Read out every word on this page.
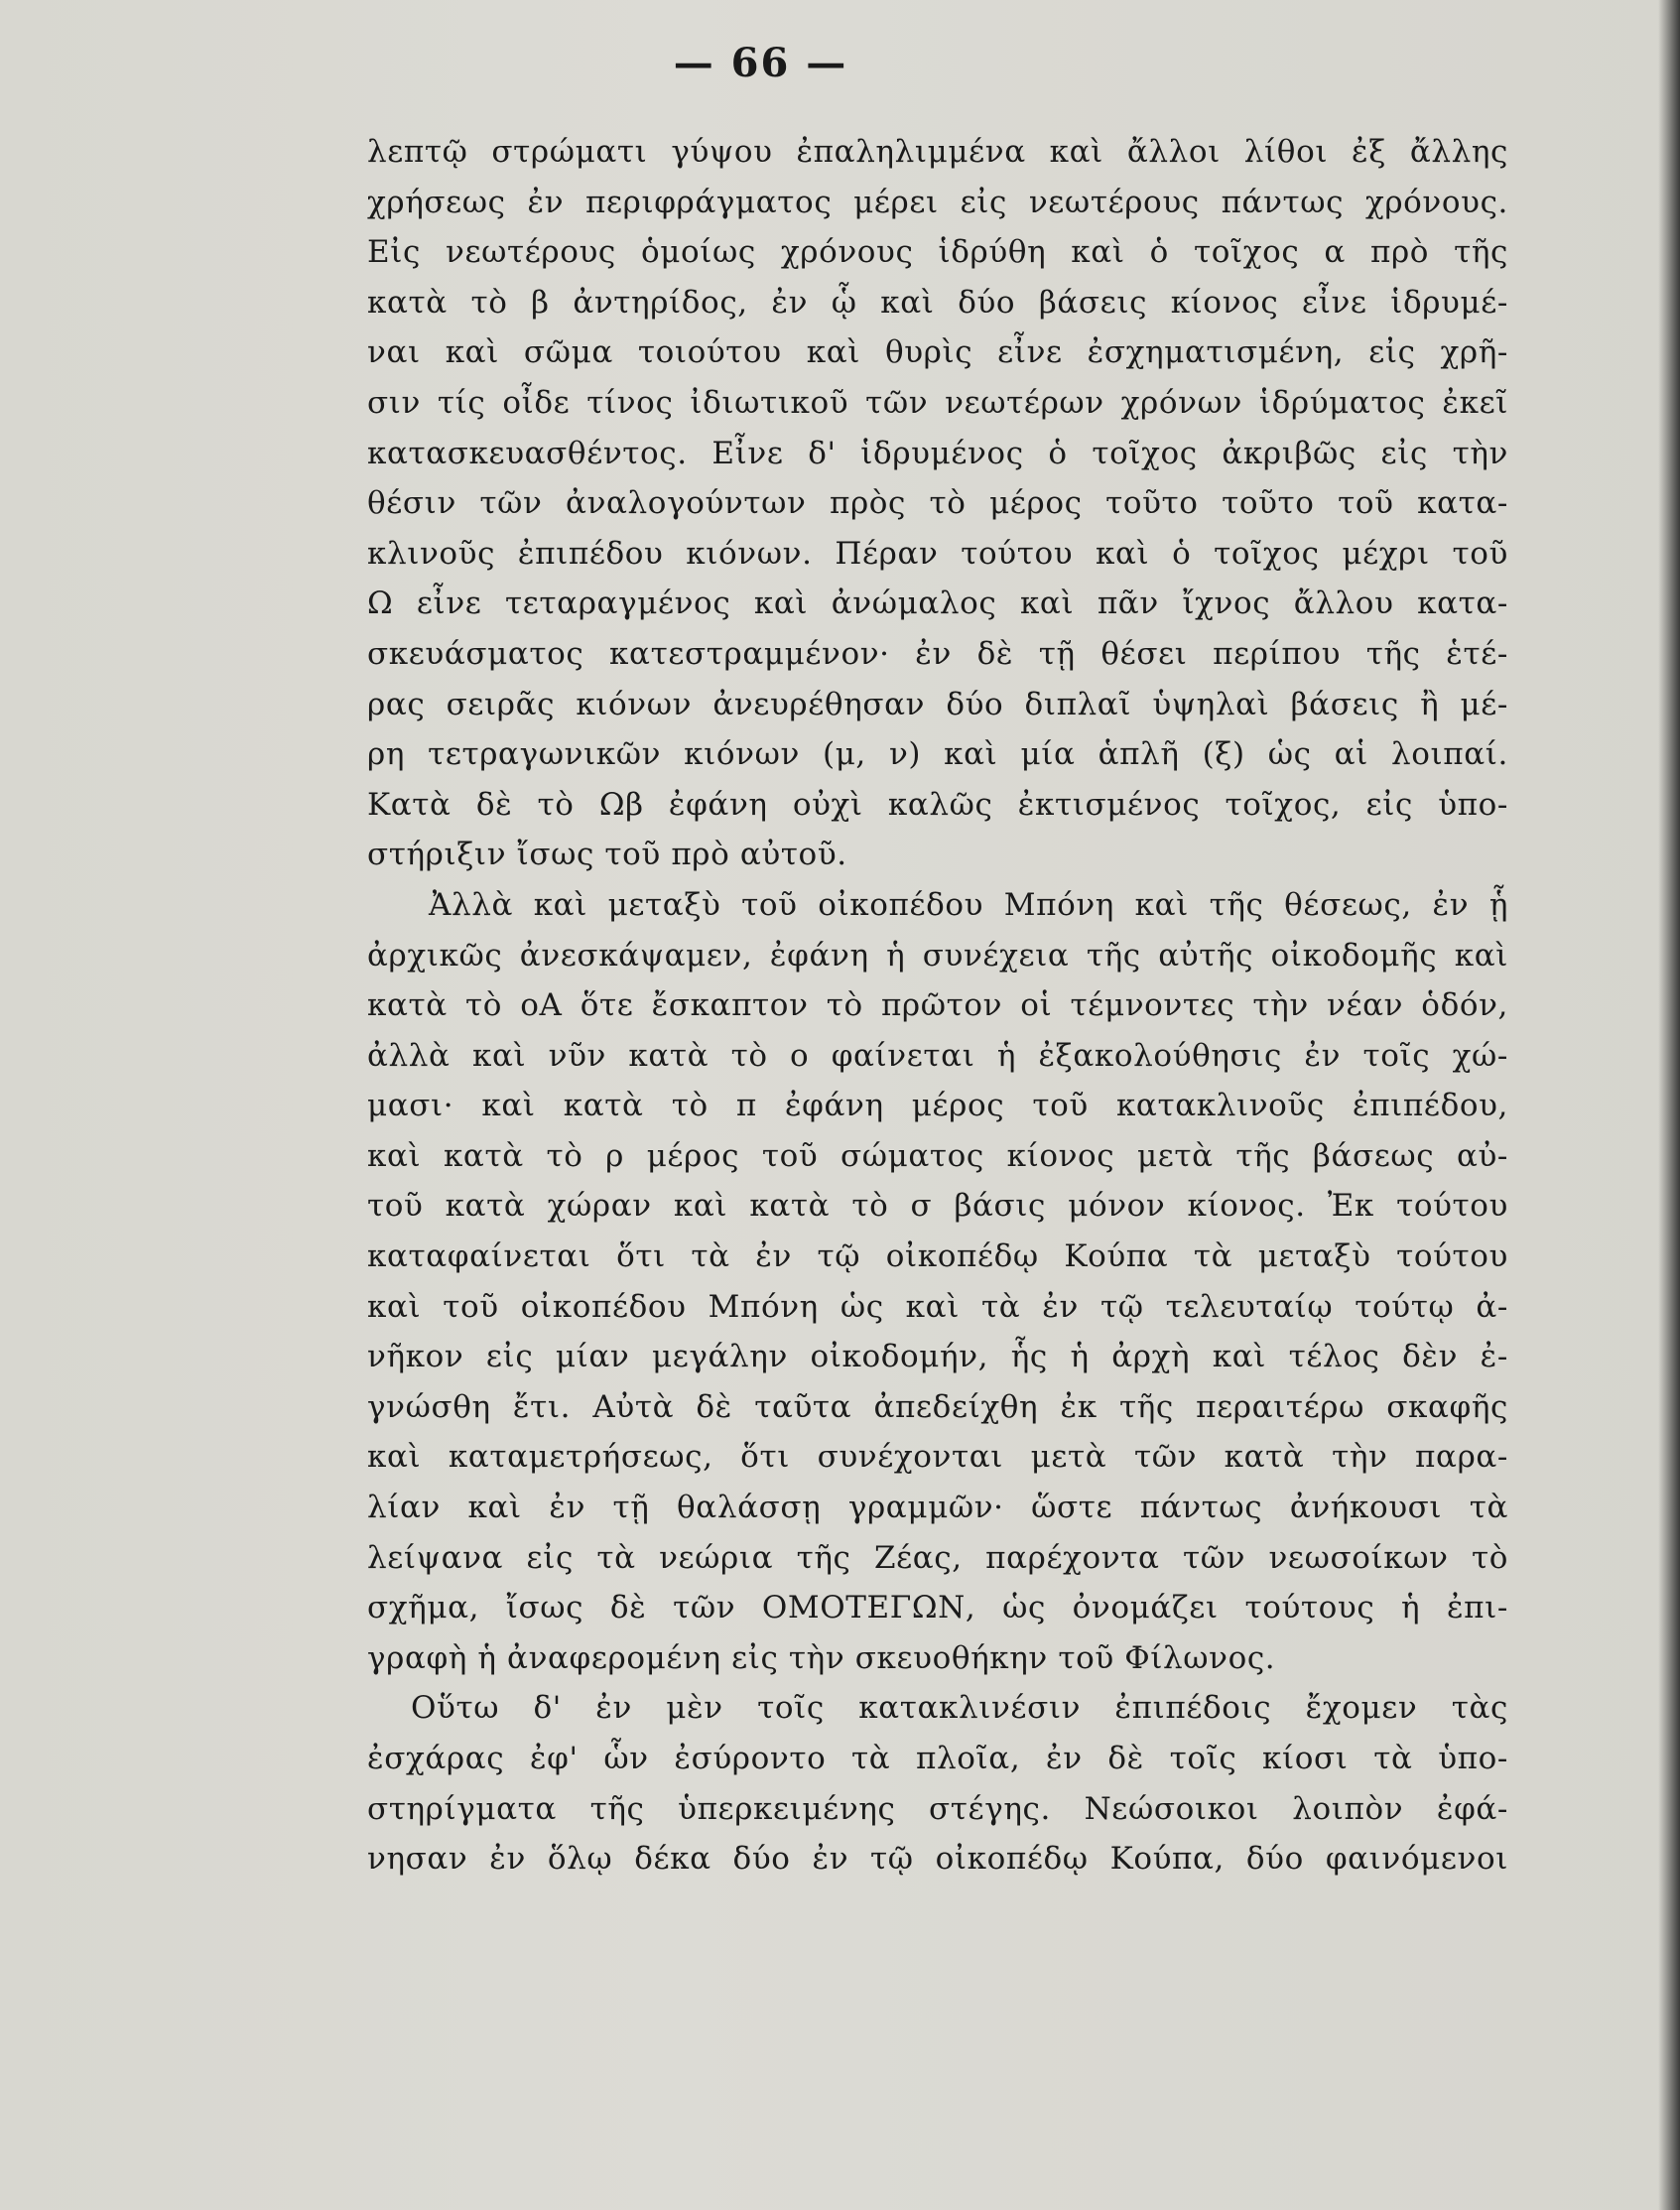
— 66 —
λεπτῷ στρώματι γύψου ἐπαληλιμμένα καὶ ἄλλοι λίθοι ἐξ ἄλλης
χρήσεως ἐν περιφράγματος μέρει εἰς νεωτέρους πάντως χρόνους.
Εἰς νεωτέρους ὁμοίως χρόνους ἱδρύθη καὶ ὁ τοῖχος α πρὸ τῆς
κατὰ τὸ β ἀντηρίδος, ἐν ᾧ καὶ δύο βάσεις κίονος εἶνε ἱδρυμέ-
ναι καὶ σῶμα τοιούτου καὶ θυρὶς εἶνε ἐσχηματισμένη, εἰς χρῆ-
σιν τίς οἶδε τίνος ἰδιωτικοῦ τῶν νεωτέρων χρόνων ἱδρύματος ἐκεῖ
κατασκευασθέντος. Εἶνε δ' ἱδρυμένος ὁ τοῖχος ἀκριβῶς εἰς τὴν
θέσιν τῶν ἀναλογούντων πρὸς τὸ μέρος τοῦτο τοῦτο τοῦ κατα-
κλινοῦς ἐπιπέδου κιόνων. Πέραν τούτου καὶ ὁ τοῖχος μέχρι τοῦ
Ω εἶνε τεταραγμένος καὶ ἀνώμαλος καὶ πᾶν ἴχνος ἄλλου κατα-
σκευάσματος κατεστραμμένον· ἐν δὲ τῇ θέσει περίπου τῆς ἑτέ-
ρας σειρᾶς κιόνων ἀνευρέθησαν δύο διπλαῖ ὑψηλαὶ βάσεις ἢ μέ-
ρη τετραγωνικῶν κιόνων (μ, ν) καὶ μία ἁπλῆ (ξ) ὡς αἱ λοιπαί.
Κατὰ δὲ τὸ Ωβ ἐφάνη οὐχὶ καλῶς ἐκτισμένος τοῖχος, εἰς ὑπο-
στήριξιν ἴσως τοῦ πρὸ αὐτοῦ.
Ἀλλὰ καὶ μεταξὺ τοῦ οἰκοπέδου Μπόνη καὶ τῆς θέσεως, ἐν ᾗ
ἀρχικῶς ἀνεσκάψαμεν, ἐφάνη ἡ συνέχεια τῆς αὐτῆς οἰκοδομῆς καὶ
κατὰ τὸ οΑ ὅτε ἔσκαπτον τὸ πρῶτον οἱ τέμνοντες τὴν νέαν ὁδόν,
ἀλλὰ καὶ νῦν κατὰ τὸ ο φαίνεται ἡ ἐξακολούθησις ἐν τοῖς χώ-
μασι· καὶ κατὰ τὸ π ἐφάνη μέρος τοῦ κατακλινοῦς ἐπιπέδου,
καὶ κατὰ τὸ ρ μέρος τοῦ σώματος κίονος μετὰ τῆς βάσεως αὐ-
τοῦ κατὰ χώραν καὶ κατὰ τὸ σ βάσις μόνον κίονος. Ἐκ τούτου
καταφαίνεται ὅτι τὰ ἐν τῷ οἰκοπέδῳ Κούπα τὰ μεταξὺ τούτου
καὶ τοῦ οἰκοπέδου Μπόνη ὡς καὶ τὰ ἐν τῷ τελευταίῳ τούτῳ ἀ-
νῆκον εἰς μίαν μεγάλην οἰκοδομήν, ἧς ἡ ἀρχὴ καὶ τέλος δὲν ἐ-
γνώσθη ἔτι. Αὐτὰ δὲ ταῦτα ἀπεδείχθη ἐκ τῆς περαιτέρω σκαφῆς
καὶ καταμετρήσεως, ὅτι συνέχονται μετὰ τῶν κατὰ τὴν παρα-
λίαν καὶ ἐν τῇ θαλάσσῃ γραμμῶν· ὥστε πάντως ἀνήκουσι τὰ
λείψανα εἰς τὰ νεώρια τῆς Ζέας, παρέχοντα τῶν νεωσοίκων τὸ
σχῆμα, ἴσως δὲ τῶν ΟΜΟΤΕΓΩΝ, ὡς ὀνομάζει τούτους ἡ ἐπι-
γραφὴ ἡ ἀναφερομένη εἰς τὴν σκευοθήκην τοῦ Φίλωνος.
Οὕτω δ' ἐν μὲν τοῖς κατακλινέσιν ἐπιπέδοις ἔχομεν τὰς
ἐσχάρας ἐφ' ὧν ἐσύροντο τὰ πλοῖα, ἐν δὲ τοῖς κίοσι τὰ ὑπο-
στηρίγματα τῆς ὑπερκειμένης στέγης. Νεώσοικοι λοιπὸν ἐφά-
νησαν ἐν ὅλῳ δέκα δύο ἐν τῷ οἰκοπέδῳ Κούπα, δύο φαινόμενοι
